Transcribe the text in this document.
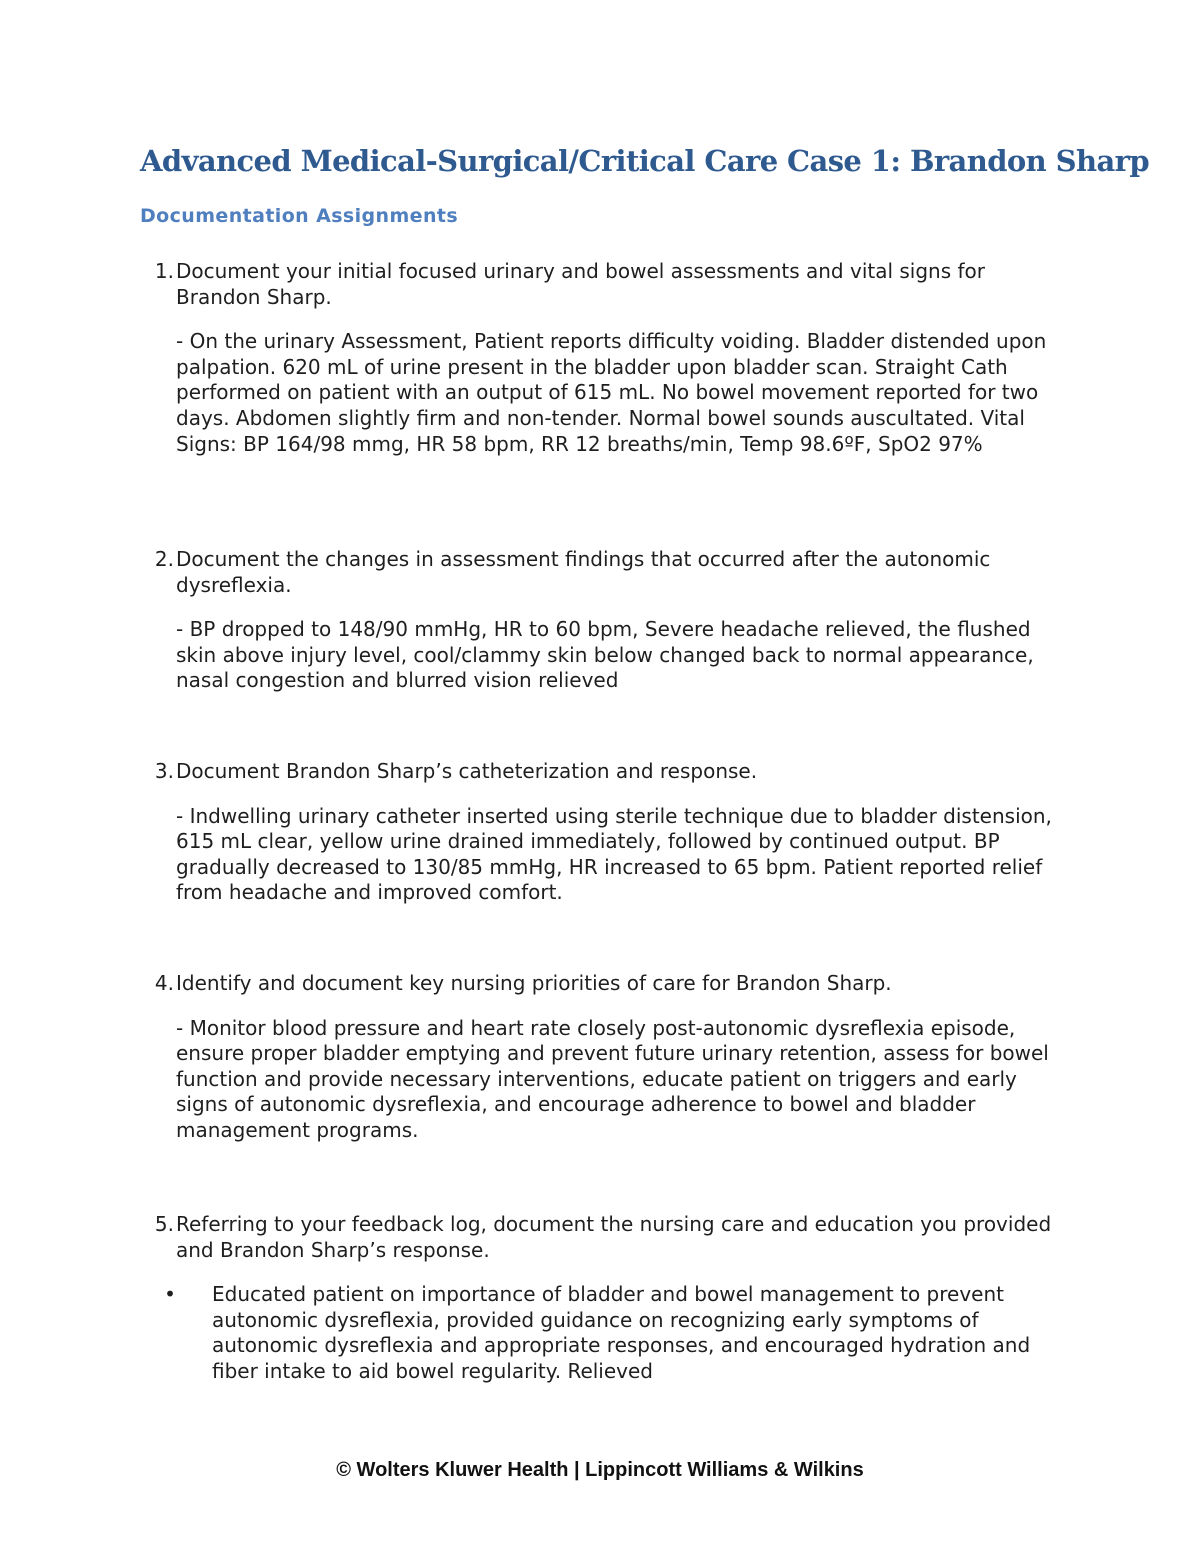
Advanced Medical-Surgical/Critical Care Case 1: Brandon Sharp
Documentation Assignments
1. Document your initial focused urinary and bowel assessments and vital signs for Brandon Sharp.

- On the urinary Assessment, Patient reports difficulty voiding. Bladder distended upon palpation. 620 mL of urine present in the bladder upon bladder scan. Straight Cath performed on patient with an output of 615 mL. No bowel movement reported for two days. Abdomen slightly firm and non-tender. Normal bowel sounds auscultated. Vital Signs: BP 164/98 mmg, HR 58 bpm, RR 12 breaths/min, Temp 98.6ºF, SpO2 97%

2. Document the changes in assessment findings that occurred after the autonomic dysreflexia.

- BP dropped to 148/90 mmHg, HR to 60 bpm, Severe headache relieved, the flushed skin above injury level, cool/clammy skin below changed back to normal appearance, nasal congestion and blurred vision relieved

3. Document Brandon Sharp’s catheterization and response.

- Indwelling urinary catheter inserted using sterile technique due to bladder distension, 615 mL clear, yellow urine drained immediately, followed by continued output. BP gradually decreased to 130/85 mmHg, HR increased to 65 bpm. Patient reported relief from headache and improved comfort.

4. Identify and document key nursing priorities of care for Brandon Sharp.

- Monitor blood pressure and heart rate closely post-autonomic dysreflexia episode, ensure proper bladder emptying and prevent future urinary retention, assess for bowel function and provide necessary interventions, educate patient on triggers and early signs of autonomic dysreflexia, and encourage adherence to bowel and bladder management programs.

5. Referring to your feedback log, document the nursing care and education you provided and Brandon Sharp’s response.

• Educated patient on importance of bladder and bowel management to prevent autonomic dysreflexia, provided guidance on recognizing early symptoms of autonomic dysreflexia and appropriate responses, and encouraged hydration and fiber intake to aid bowel regularity. Relieved
© Wolters Kluwer Health | Lippincott Williams & Wilkins
